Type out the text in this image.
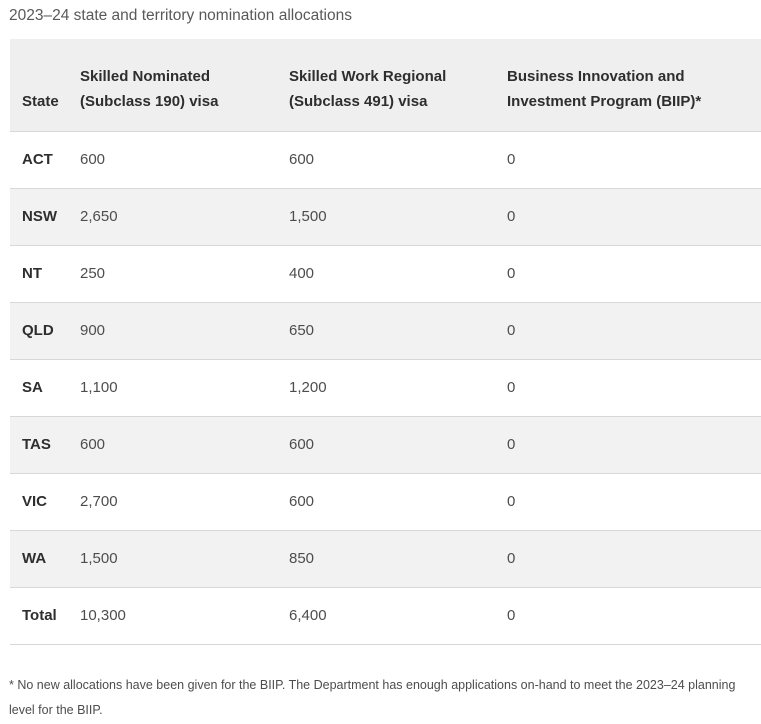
2023–24 state and territory nomination allocations
State	Skilled Nominated (Subclass 190) visa	Skilled Work Regional (Subclass 491) visa	Business Innovation and Investment Program (BIIP)*
ACT	600	600	0
NSW	2,650	1,500	0
NT	250	400	0
QLD	900	650	0
SA	1,100	1,200	0
TAS	600	600	0
VIC	2,700	600	0
WA	1,500	850	0
Total	10,300	6,400	0
* No new allocations have been given for the BIIP. The Department has enough applications on-hand to meet the 2023–24 planning level for the BIIP.
